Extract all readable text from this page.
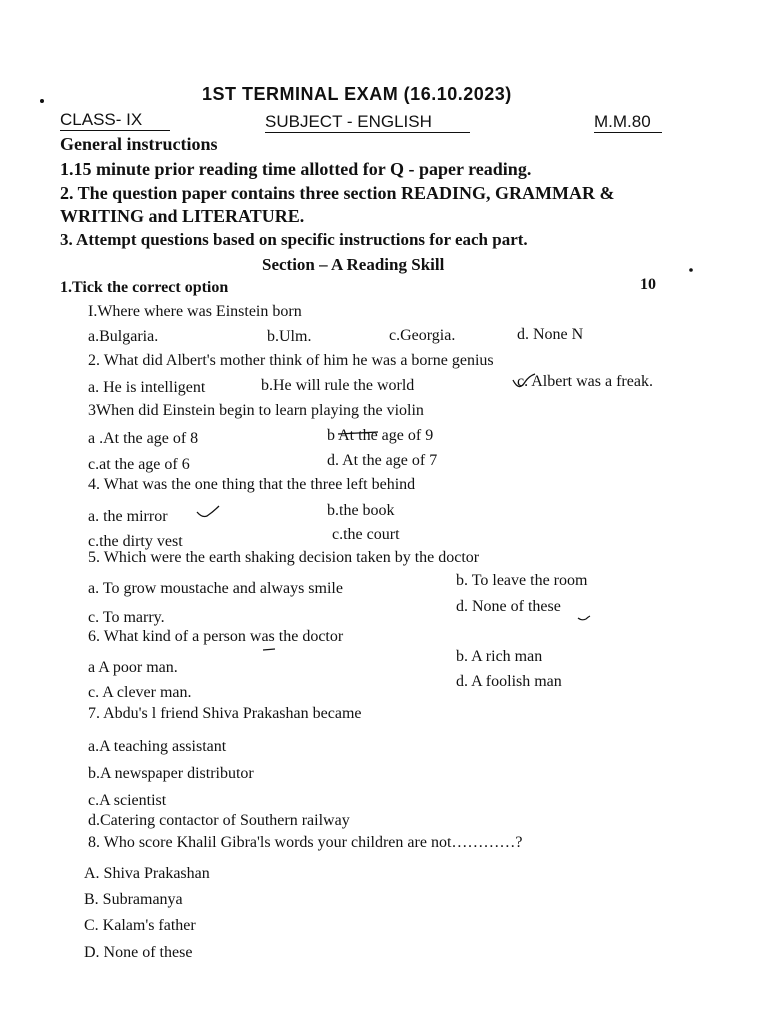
1ST TERMINAL EXAM (16.10.2023)
CLASS- IX	SUBJECT - ENGLISH	M.M.80
General instructions
1.15 minute prior reading time allotted for Q - paper reading.
2. The question paper contains three section READING, GRAMMAR &
WRITING and LITERATURE.
3. Attempt questions based on specific instructions for each part.
Section – A Reading Skill
1.Tick the correct option	10
I.Where where was Einstein born
a.Bulgaria.	b.Ulm.	c.Georgia.	d. None N
2. What did Albert's mother think of him he was a borne genius
a. He is intelligent	b.He will rule the world	c. Albert was a freak.
3When did Einstein begin to learn playing the violin
a .At the age of 8	b At the age of 9
c.at the age of 6	d. At the age of 7
4. What was the one thing that the three left behind
a. the mirror	b.the book
c.the dirty vest	c.the court
5. Which were the earth shaking decision taken by the doctor
a. To grow moustache and always smile	b. To leave the room
c. To marry.
d. None of these
6. What kind of a person was the doctor
a A poor man.
b. A rich man
c. A clever man.
d. A foolish man
7. Abdu's l friend Shiva Prakashan became
a.A teaching assistant
b.A newspaper distributor
c.A scientist
d.Catering contactor of Southern railway
8. Who score Khalil Gibra'ls words your children are not…………?
A. Shiva Prakashan
B. Subramanya
C. Kalam's father
D. None of these
